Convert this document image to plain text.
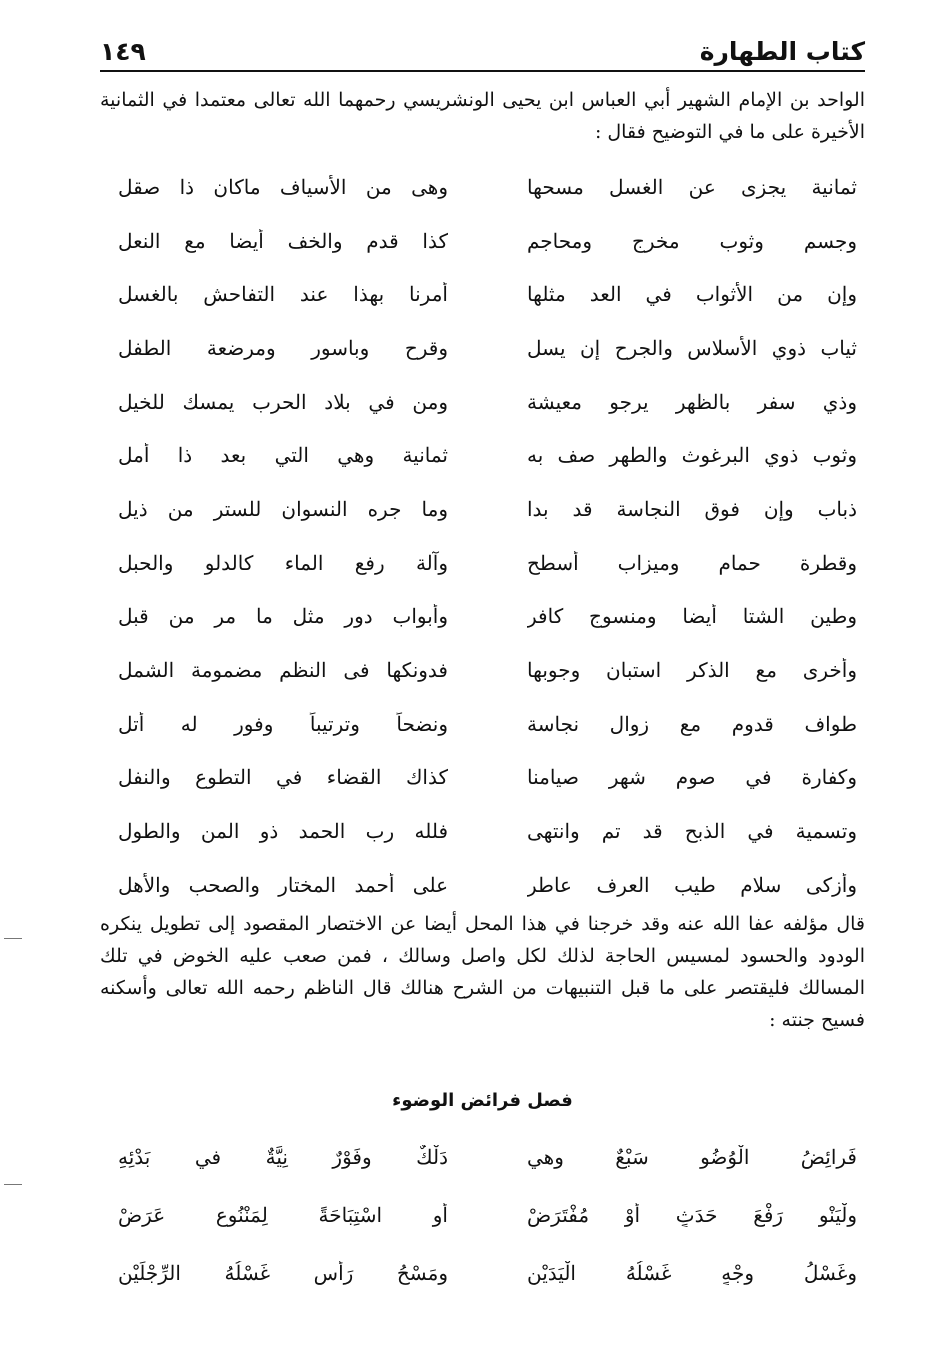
١٤٩	كتاب الطهارة

الواحد بن الإمام الشهير أبي العباس ابن يحيى الونشريسي رحمهما الله تعالى معتمدا في الثمانية الأخيرة على ما في التوضيح فقال :

ثمانية يجزى عن الغسل مسحها
وهى من الأسياف ماكان ذا صقل
وجسم وثوب مخرج ومحاجم
كذا قدم والخف أيضا مع النعل
وإن من الأثواب في العد مثلها
أمرنا بهذا عند التفاحش بالغسل
ثياب ذوي الأسلاس والجرح إن يسل
وقرح وباسور ومرضعة الطفل
وذي سفر بالظهر يرجو معيشة
ومن في بلاد الحرب يمسك للخيل
وثوب ذوي البرغوث والطهر صف به
ثمانية وهي التي بعد ذا أمل
ذباب وإن فوق النجاسة قد بدا
وما جره النسوان للستر من ذيل
وقطرة حمام وميزاب أسطح
وآلة رفع الماء كالدلو والحبل
وطين الشتا أيضا ومنسوج كافر
وأبواب دور مثل ما مر من قبل
وأخرى مع الذكر استبان وجوبها
فدونكها فى النظم مضمومة الشمل
طواف قدوم مع زوال نجاسة
ونضحاً وترتيباً وفور له أتل
وكفارة في صوم شهر صيامنا
كذاك القضاء في التطوع والنفل
وتسمية في الذبح قد تم وانتهى
فلله رب الحمد ذو المن والطول
وأزكى سلام طيب العرف عاطر
على أحمد المختار والصحب والأهل

قال مؤلفه عفا الله عنه وقد خرجنا في هذا المحل أيضا عن الاختصار المقصود إلى تطويل ينكره الودود والحسود لمسيس الحاجة لذلك لكل واصل وسالك ، فمن صعب عليه الخوض في تلك المسالك فليقتصر على ما قبل التنبيهات من الشرح هنالك قال الناظم رحمه الله تعالى وأسكنه فسيح جنته :

فصل فرائض الوضوء
فَرائِضُ الْوُضُو سَبْعٌ وهي
دَلْكٌ وفَوْرٌ نِيَّةٌ في بَدْئِهِ
ولْيَنْوِ رَفْعَ حَدَثٍ أَوْ مُفْتَرَضْ
أَو اسْتِبَاحَةً لِمَنْنُوعٍ عَرَضْ
وغَسْلُ وجْهٍ غَسْلُهُ الْيَدَيْنِ
ومَسْحُ رَأْسٍ غَسْلُهُ الرِّجْلَيْنِ
